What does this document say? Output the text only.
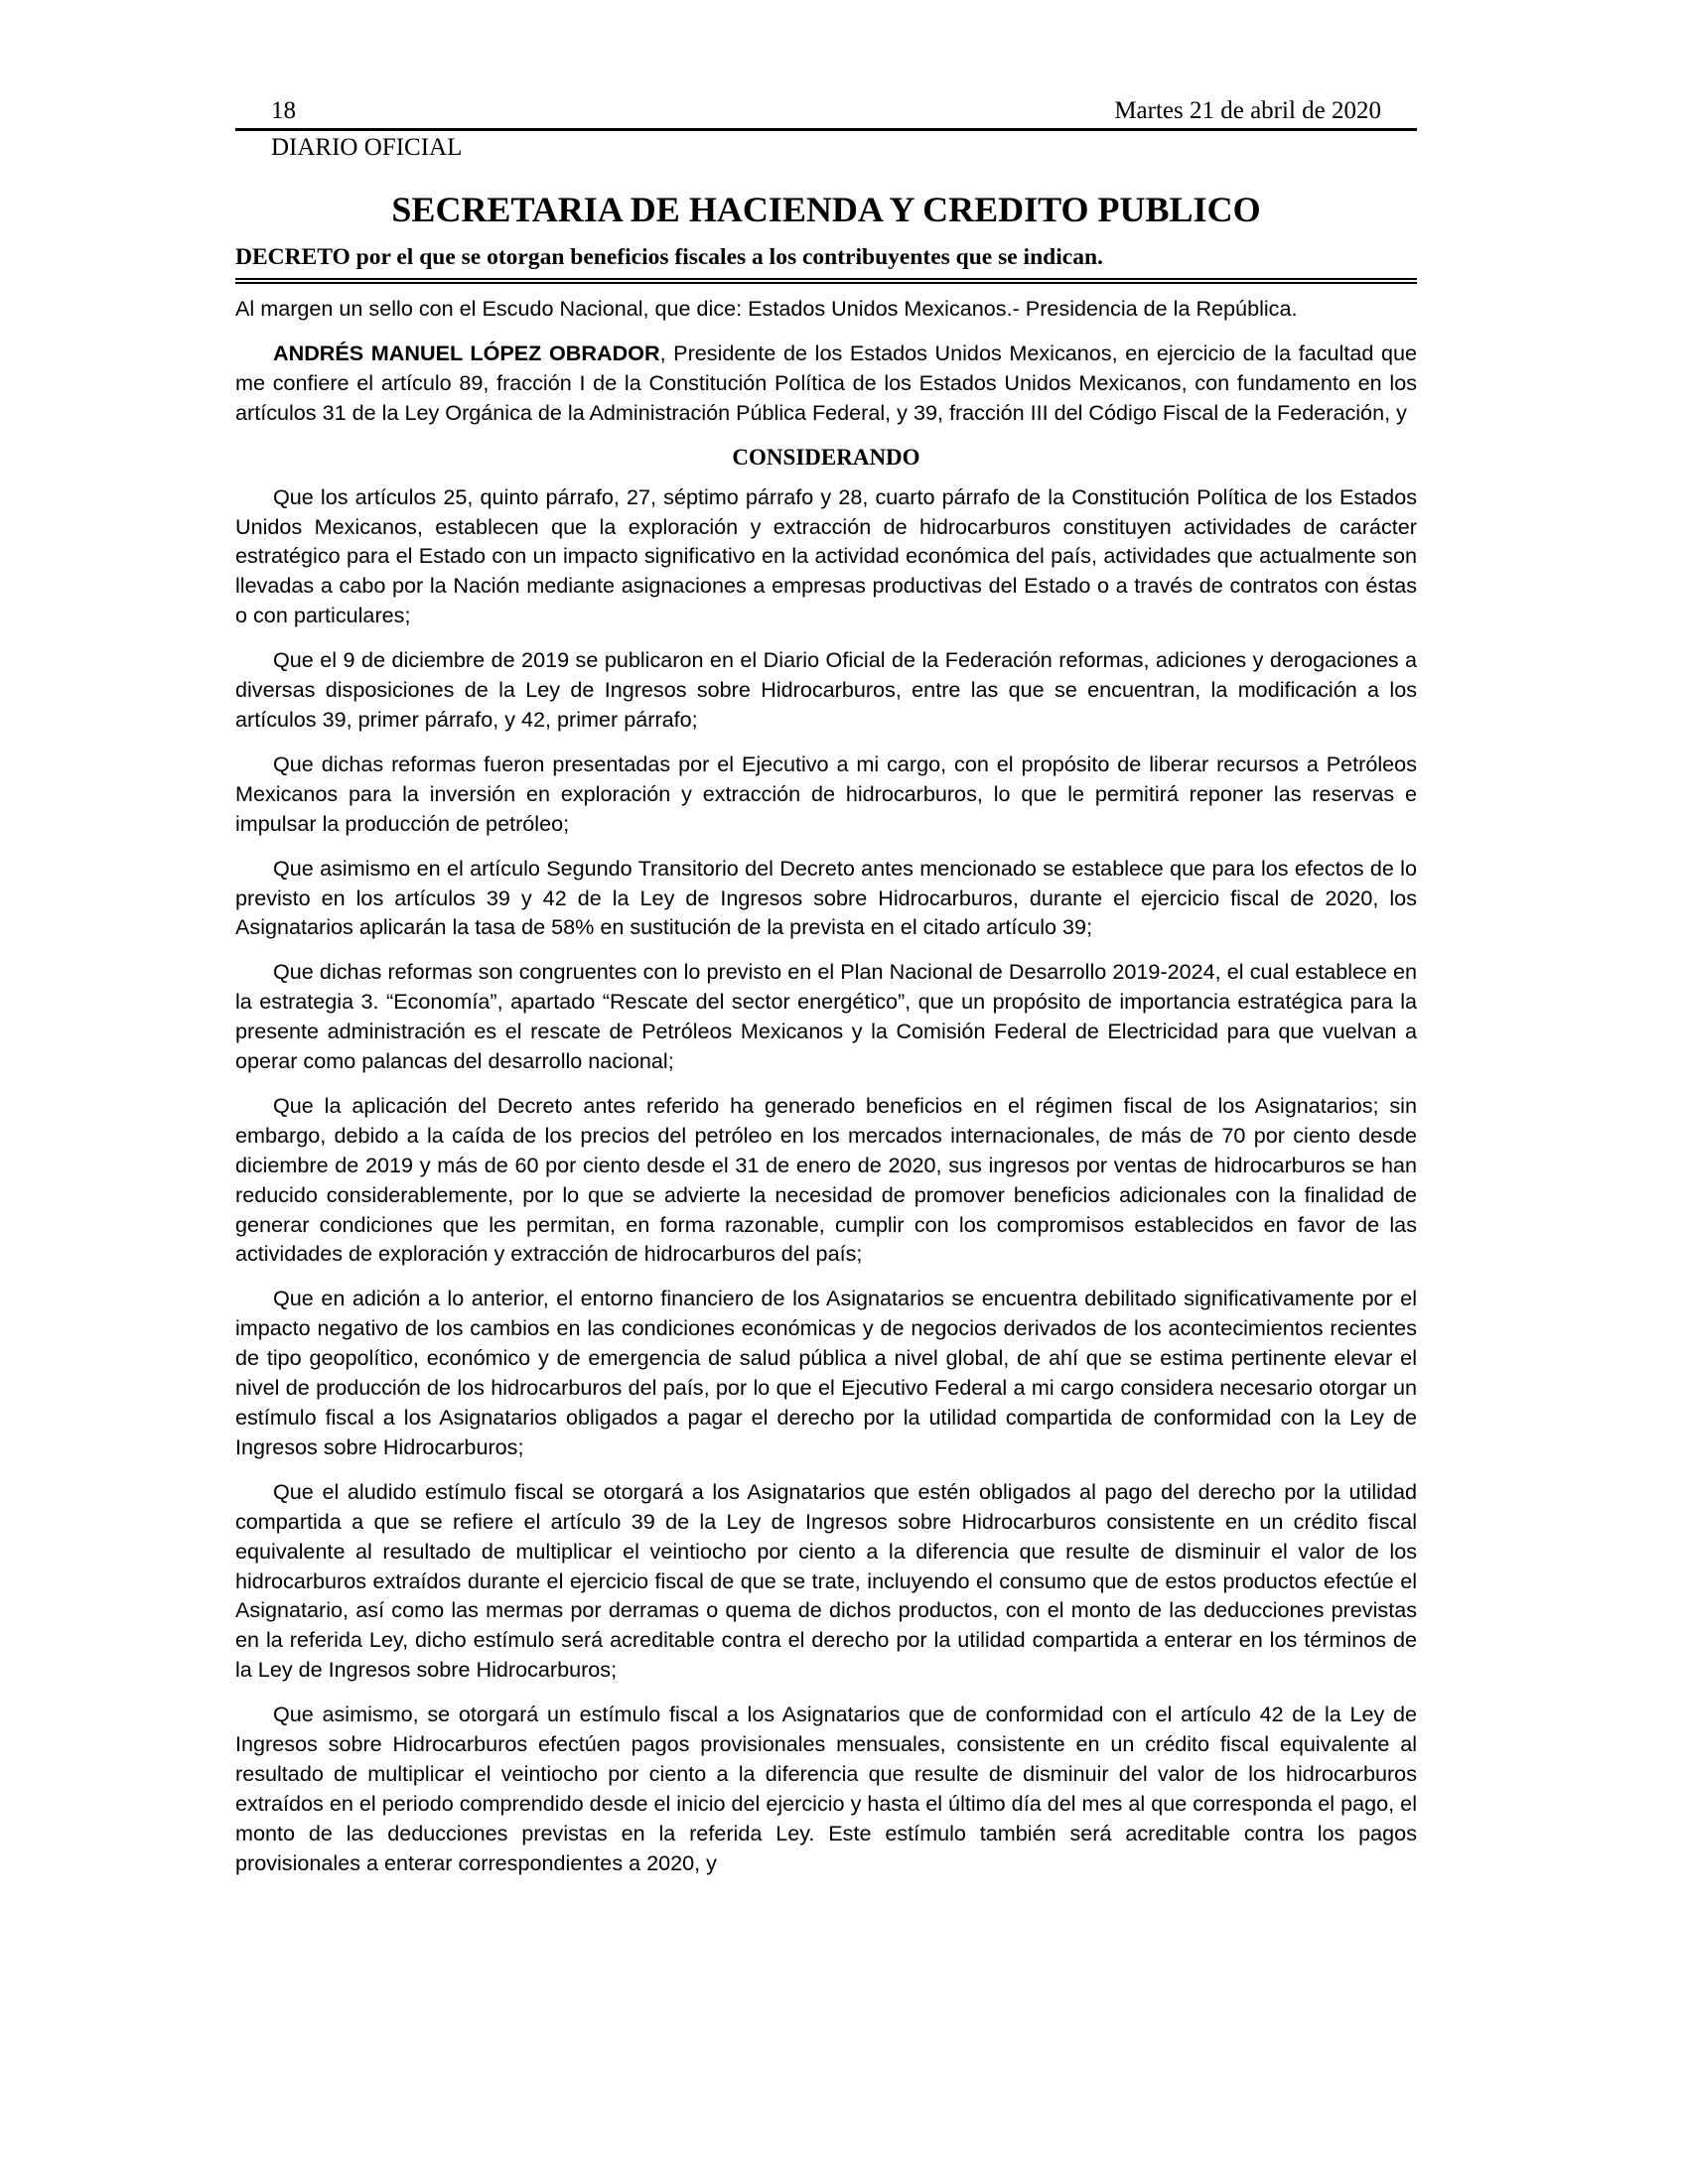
18	Martes 21 de abril de 2020
DIARIO OFICIAL
SECRETARIA DE HACIENDA Y CREDITO PUBLICO
DECRETO por el que se otorgan beneficios fiscales a los contribuyentes que se indican.

Al margen un sello con el Escudo Nacional, que dice: Estados Unidos Mexicanos.- Presidencia de la República.

ANDRÉS MANUEL LÓPEZ OBRADOR, Presidente de los Estados Unidos Mexicanos, en ejercicio de la facultad que me confiere el artículo 89, fracción I de la Constitución Política de los Estados Unidos Mexicanos, con fundamento en los artículos 31 de la Ley Orgánica de la Administración Pública Federal, y 39, fracción III del Código Fiscal de la Federación, y

CONSIDERANDO

Que los artículos 25, quinto párrafo, 27, séptimo párrafo y 28, cuarto párrafo de la Constitución Política de los Estados Unidos Mexicanos, establecen que la exploración y extracción de hidrocarburos constituyen actividades de carácter estratégico para el Estado con un impacto significativo en la actividad económica del país, actividades que actualmente son llevadas a cabo por la Nación mediante asignaciones a empresas productivas del Estado o a través de contratos con éstas o con particulares;

Que el 9 de diciembre de 2019 se publicaron en el Diario Oficial de la Federación reformas, adiciones y derogaciones a diversas disposiciones de la Ley de Ingresos sobre Hidrocarburos, entre las que se encuentran, la modificación a los artículos 39, primer párrafo, y 42, primer párrafo;

Que dichas reformas fueron presentadas por el Ejecutivo a mi cargo, con el propósito de liberar recursos a Petróleos Mexicanos para la inversión en exploración y extracción de hidrocarburos, lo que le permitirá reponer las reservas e impulsar la producción de petróleo;

Que asimismo en el artículo Segundo Transitorio del Decreto antes mencionado se establece que para los efectos de lo previsto en los artículos 39 y 42 de la Ley de Ingresos sobre Hidrocarburos, durante el ejercicio fiscal de 2020, los Asignatarios aplicarán la tasa de 58% en sustitución de la prevista en el citado artículo 39;

Que dichas reformas son congruentes con lo previsto en el Plan Nacional de Desarrollo 2019-2024, el cual establece en la estrategia 3. “Economía”, apartado “Rescate del sector energético”, que un propósito de importancia estratégica para la presente administración es el rescate de Petróleos Mexicanos y la Comisión Federal de Electricidad para que vuelvan a operar como palancas del desarrollo nacional;

Que la aplicación del Decreto antes referido ha generado beneficios en el régimen fiscal de los Asignatarios; sin embargo, debido a la caída de los precios del petróleo en los mercados internacionales, de más de 70 por ciento desde diciembre de 2019 y más de 60 por ciento desde el 31 de enero de 2020, sus ingresos por ventas de hidrocarburos se han reducido considerablemente, por lo que se advierte la necesidad de promover beneficios adicionales con la finalidad de generar condiciones que les permitan, en forma razonable, cumplir con los compromisos establecidos en favor de las actividades de exploración y extracción de hidrocarburos del país;

Que en adición a lo anterior, el entorno financiero de los Asignatarios se encuentra debilitado significativamente por el impacto negativo de los cambios en las condiciones económicas y de negocios derivados de los acontecimientos recientes de tipo geopolítico, económico y de emergencia de salud pública a nivel global, de ahí que se estima pertinente elevar el nivel de producción de los hidrocarburos del país, por lo que el Ejecutivo Federal a mi cargo considera necesario otorgar un estímulo fiscal a los Asignatarios obligados a pagar el derecho por la utilidad compartida de conformidad con la Ley de Ingresos sobre Hidrocarburos;

Que el aludido estímulo fiscal se otorgará a los Asignatarios que estén obligados al pago del derecho por la utilidad compartida a que se refiere el artículo 39 de la Ley de Ingresos sobre Hidrocarburos consistente en un crédito fiscal equivalente al resultado de multiplicar el veintiocho por ciento a la diferencia que resulte de disminuir el valor de los hidrocarburos extraídos durante el ejercicio fiscal de que se trate, incluyendo el consumo que de estos productos efectúe el Asignatario, así como las mermas por derramas o quema de dichos productos, con el monto de las deducciones previstas en la referida Ley, dicho estímulo será acreditable contra el derecho por la utilidad compartida a enterar en los términos de la Ley de Ingresos sobre Hidrocarburos;

Que asimismo, se otorgará un estímulo fiscal a los Asignatarios que de conformidad con el artículo 42 de la Ley de Ingresos sobre Hidrocarburos efectúen pagos provisionales mensuales, consistente en un crédito fiscal equivalente al resultado de multiplicar el veintiocho por ciento a la diferencia que resulte de disminuir del valor de los hidrocarburos extraídos en el periodo comprendido desde el inicio del ejercicio y hasta el último día del mes al que corresponda el pago, el monto de las deducciones previstas en la referida Ley. Este estímulo también será acreditable contra los pagos provisionales a enterar correspondientes a 2020, y
